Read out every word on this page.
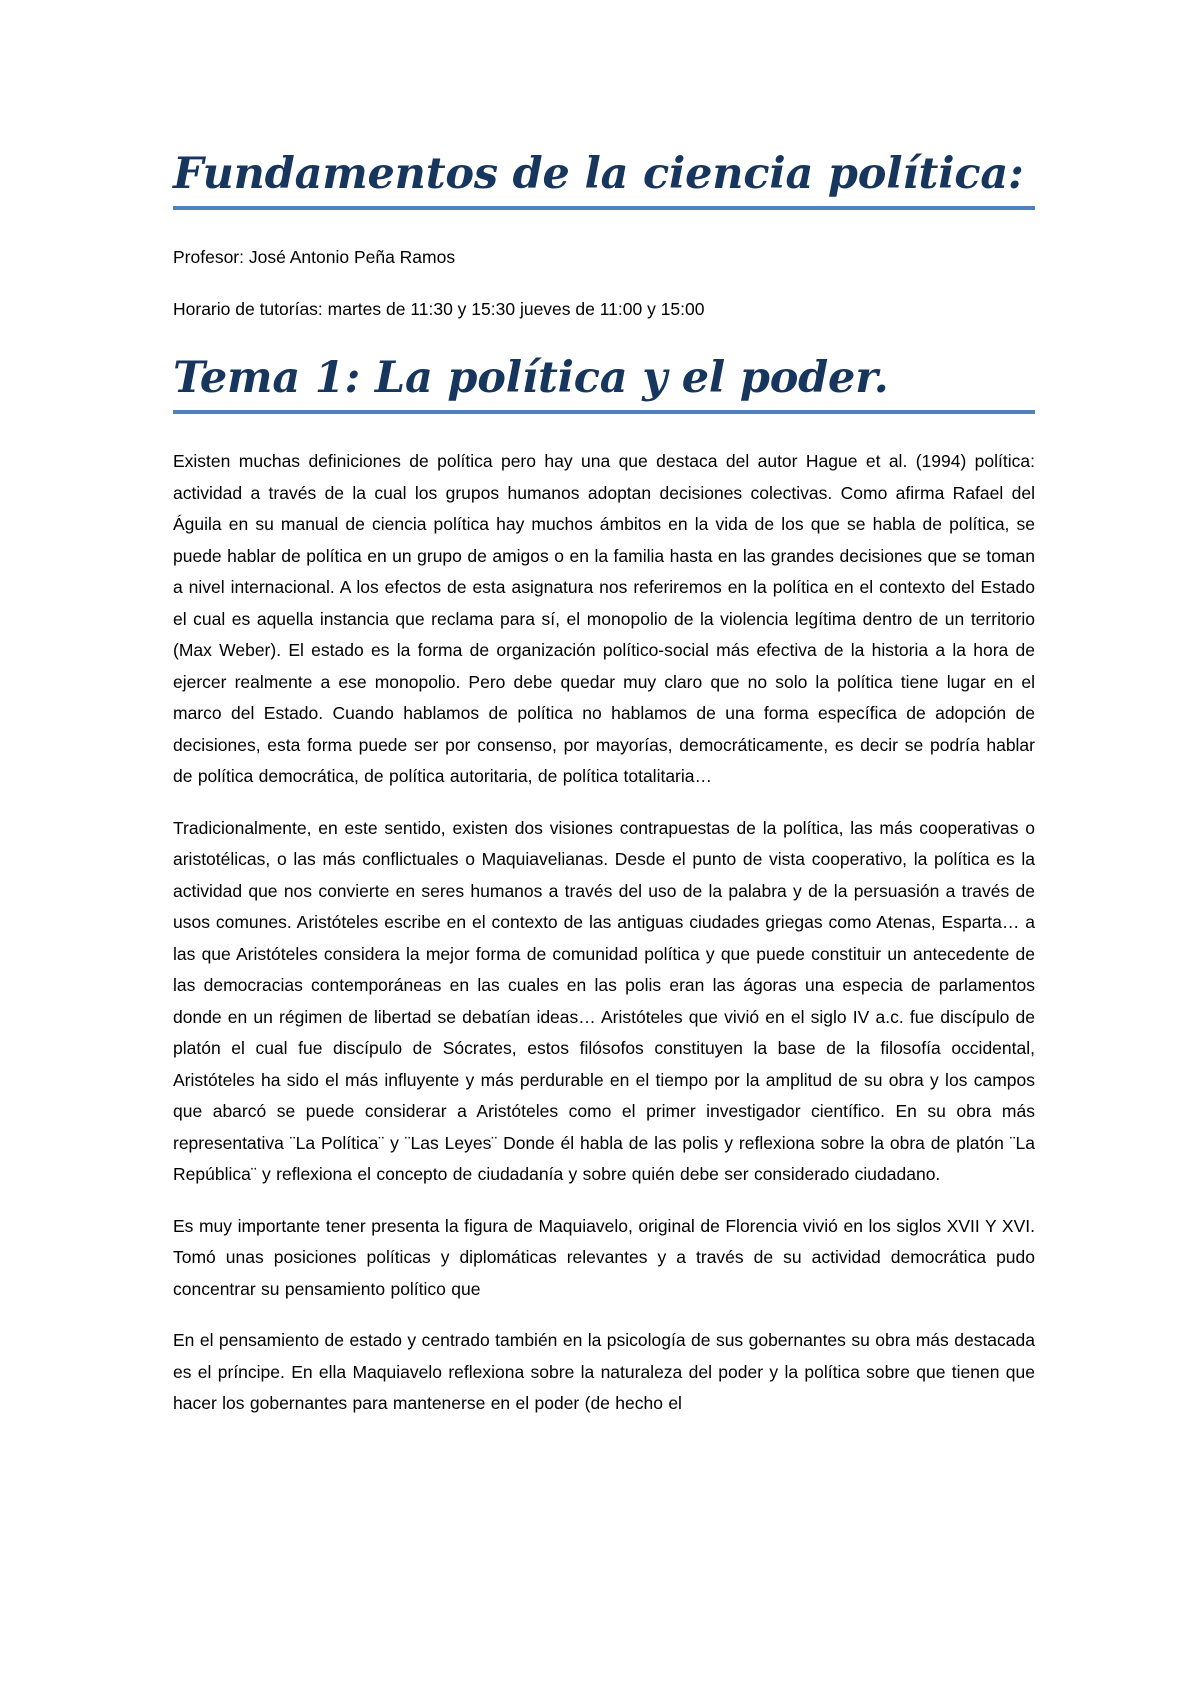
Fundamentos de la ciencia política:

Profesor: José Antonio Peña Ramos

Horario de tutorías: martes de 11:30 y 15:30 jueves de 11:00 y 15:00

Tema 1: La política y el poder.

Existen muchas definiciones de política pero hay una que destaca del autor Hague et al. (1994) política: actividad a través de la cual los grupos humanos adoptan decisiones colectivas. Como afirma Rafael del Águila en su manual de ciencia política hay muchos ámbitos en la vida de los que se habla de política, se puede hablar de política en un grupo de amigos o en la familia hasta en las grandes decisiones que se toman a nivel internacional. A los efectos de esta asignatura nos referiremos en la política en el contexto del Estado el cual es aquella instancia que reclama para sí, el monopolio de la violencia legítima dentro de un territorio (Max Weber). El estado es la forma de organización político-social más efectiva de la historia a la hora de ejercer realmente a ese monopolio. Pero debe quedar muy claro que no solo la política tiene lugar en el marco del Estado. Cuando hablamos de política no hablamos de una forma específica de adopción de decisiones, esta forma puede ser por consenso, por mayorías, democráticamente, es decir se podría hablar de política democrática, de política autoritaria, de política totalitaria…

Tradicionalmente, en este sentido, existen dos visiones contrapuestas de la política, las más cooperativas o aristotélicas, o las más conflictuales o Maquiavelianas. Desde el punto de vista cooperativo, la política es la actividad que nos convierte en seres humanos a través del uso de la palabra y de la persuasión a través de usos comunes. Aristóteles escribe en el contexto de las antiguas ciudades griegas como Atenas, Esparta… a las que Aristóteles considera la mejor forma de comunidad política y que puede constituir un antecedente de las democracias contemporáneas en las cuales en las polis eran las ágoras una especia de parlamentos donde en un régimen de libertad se debatían ideas… Aristóteles que vivió en el siglo IV a.c. fue discípulo de platón el cual fue discípulo de Sócrates, estos filósofos constituyen la base de la filosofía occidental, Aristóteles ha sido el más influyente y más perdurable en el tiempo por la amplitud de su obra y los campos que abarcó se puede considerar a Aristóteles como el primer investigador científico. En su obra más representativa ¨La Política¨ y ¨Las Leyes¨ Donde él habla de las polis y reflexiona sobre la obra de platón ¨La República¨ y reflexiona el concepto de ciudadanía y sobre quién debe ser considerado ciudadano.

Es muy importante tener presenta la figura de Maquiavelo, original de Florencia vivió en los siglos XVII Y XVI. Tomó unas posiciones políticas y diplomáticas relevantes y a través de su actividad democrática pudo concentrar su pensamiento político que

En el pensamiento de estado y centrado también en la psicología de sus gobernantes su obra más destacada es el príncipe. En ella Maquiavelo reflexiona sobre la naturaleza del poder y la política sobre que tienen que hacer los gobernantes para mantenerse en el poder (de hecho el
